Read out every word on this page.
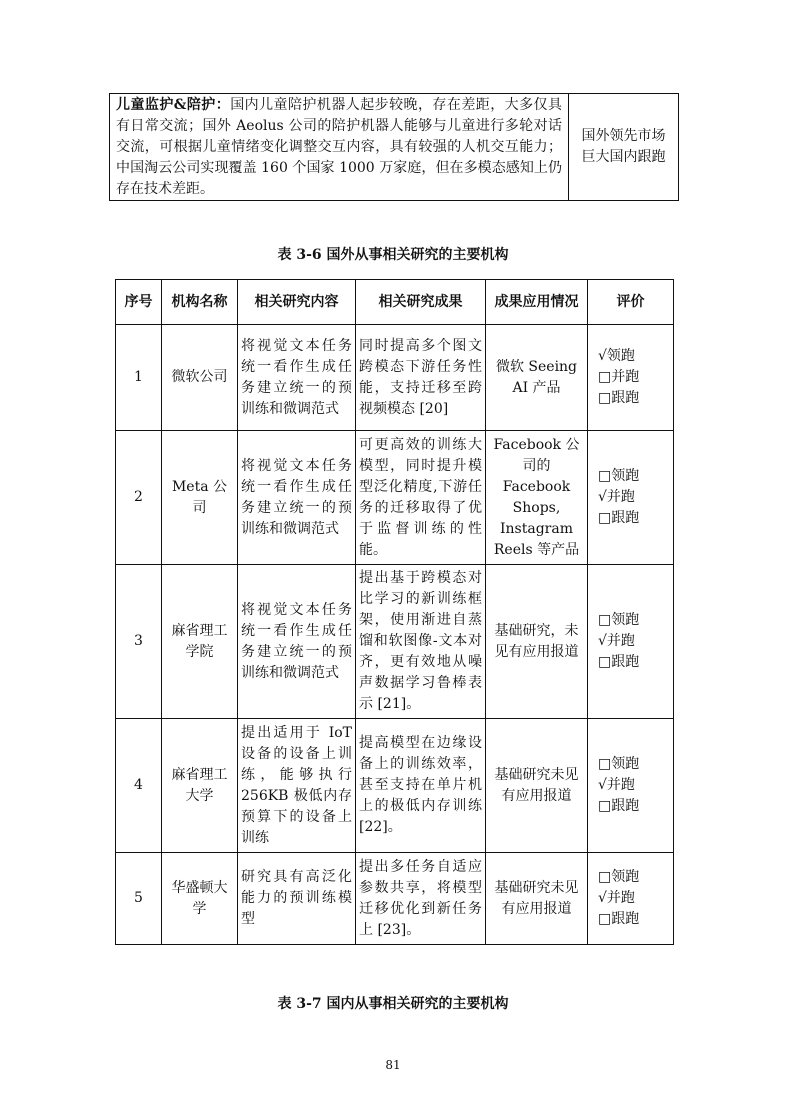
儿童监护&陪护：国内儿童陪护机器人起步较晚，存在差距，大多仅具有日常交流；国外 Aeolus 公司的陪护机器人能够与儿童进行多轮对话交流，可根据儿童情绪变化调整交互内容，具有较强的人机交互能力；中国淘云公司实现覆盖 160 个国家 1000 万家庭，但在多模态感知上仍存在技术差距。	国外领先市场巨大国内跟跑
表 3-6 国外从事相关研究的主要机构
序号	机构名称	相关研究内容	相关研究成果	成果应用情况	评价
1	微软公司	将视觉文本任务统一看作生成任务建立统一的预训练和微调范式	同时提高多个图文跨模态下游任务性能，支持迁移至跨视频模态 [20]	微软 Seeing AI 产品	√领跑
□并跑
□跟跑

2	Meta 公司	将视觉文本任务统一看作生成任务建立统一的预训练和微调范式	可更高效的训练大模型，同时提升模型泛化精度,下游任务的迁移取得了优于监督训练的性能。	Facebook 公司的 Facebook Shops, Instagram Reels 等产品	□领跑
√并跑
□跟跑

3	麻省理工学院	将视觉文本任务统一看作生成任务建立统一的预训练和微调范式	提出基于跨模态对比学习的新训练框架，使用渐进自蒸馏和软图像-文本对齐，更有效地从噪声数据学习鲁棒表示 [21]。	基础研究，未见有应用报道	□领跑
√并跑
□跟跑

4	麻省理工大学	提出适用于 IoT 设备的设备上训练，能够执行 256KB 极低内存预算下的设备上训练	提高模型在边缘设备上的训练效率，甚至支持在单片机上的极低内存训练 [22]。	基础研究未见有应用报道	□领跑
√并跑
□跟跑

5	华盛顿大学	研究具有高泛化能力的预训练模型	提出多任务自适应参数共享，将模型迁移优化到新任务上 [23]。	基础研究未见有应用报道	□领跑
√并跑
□跟跑
表 3-7 国内从事相关研究的主要机构
81
